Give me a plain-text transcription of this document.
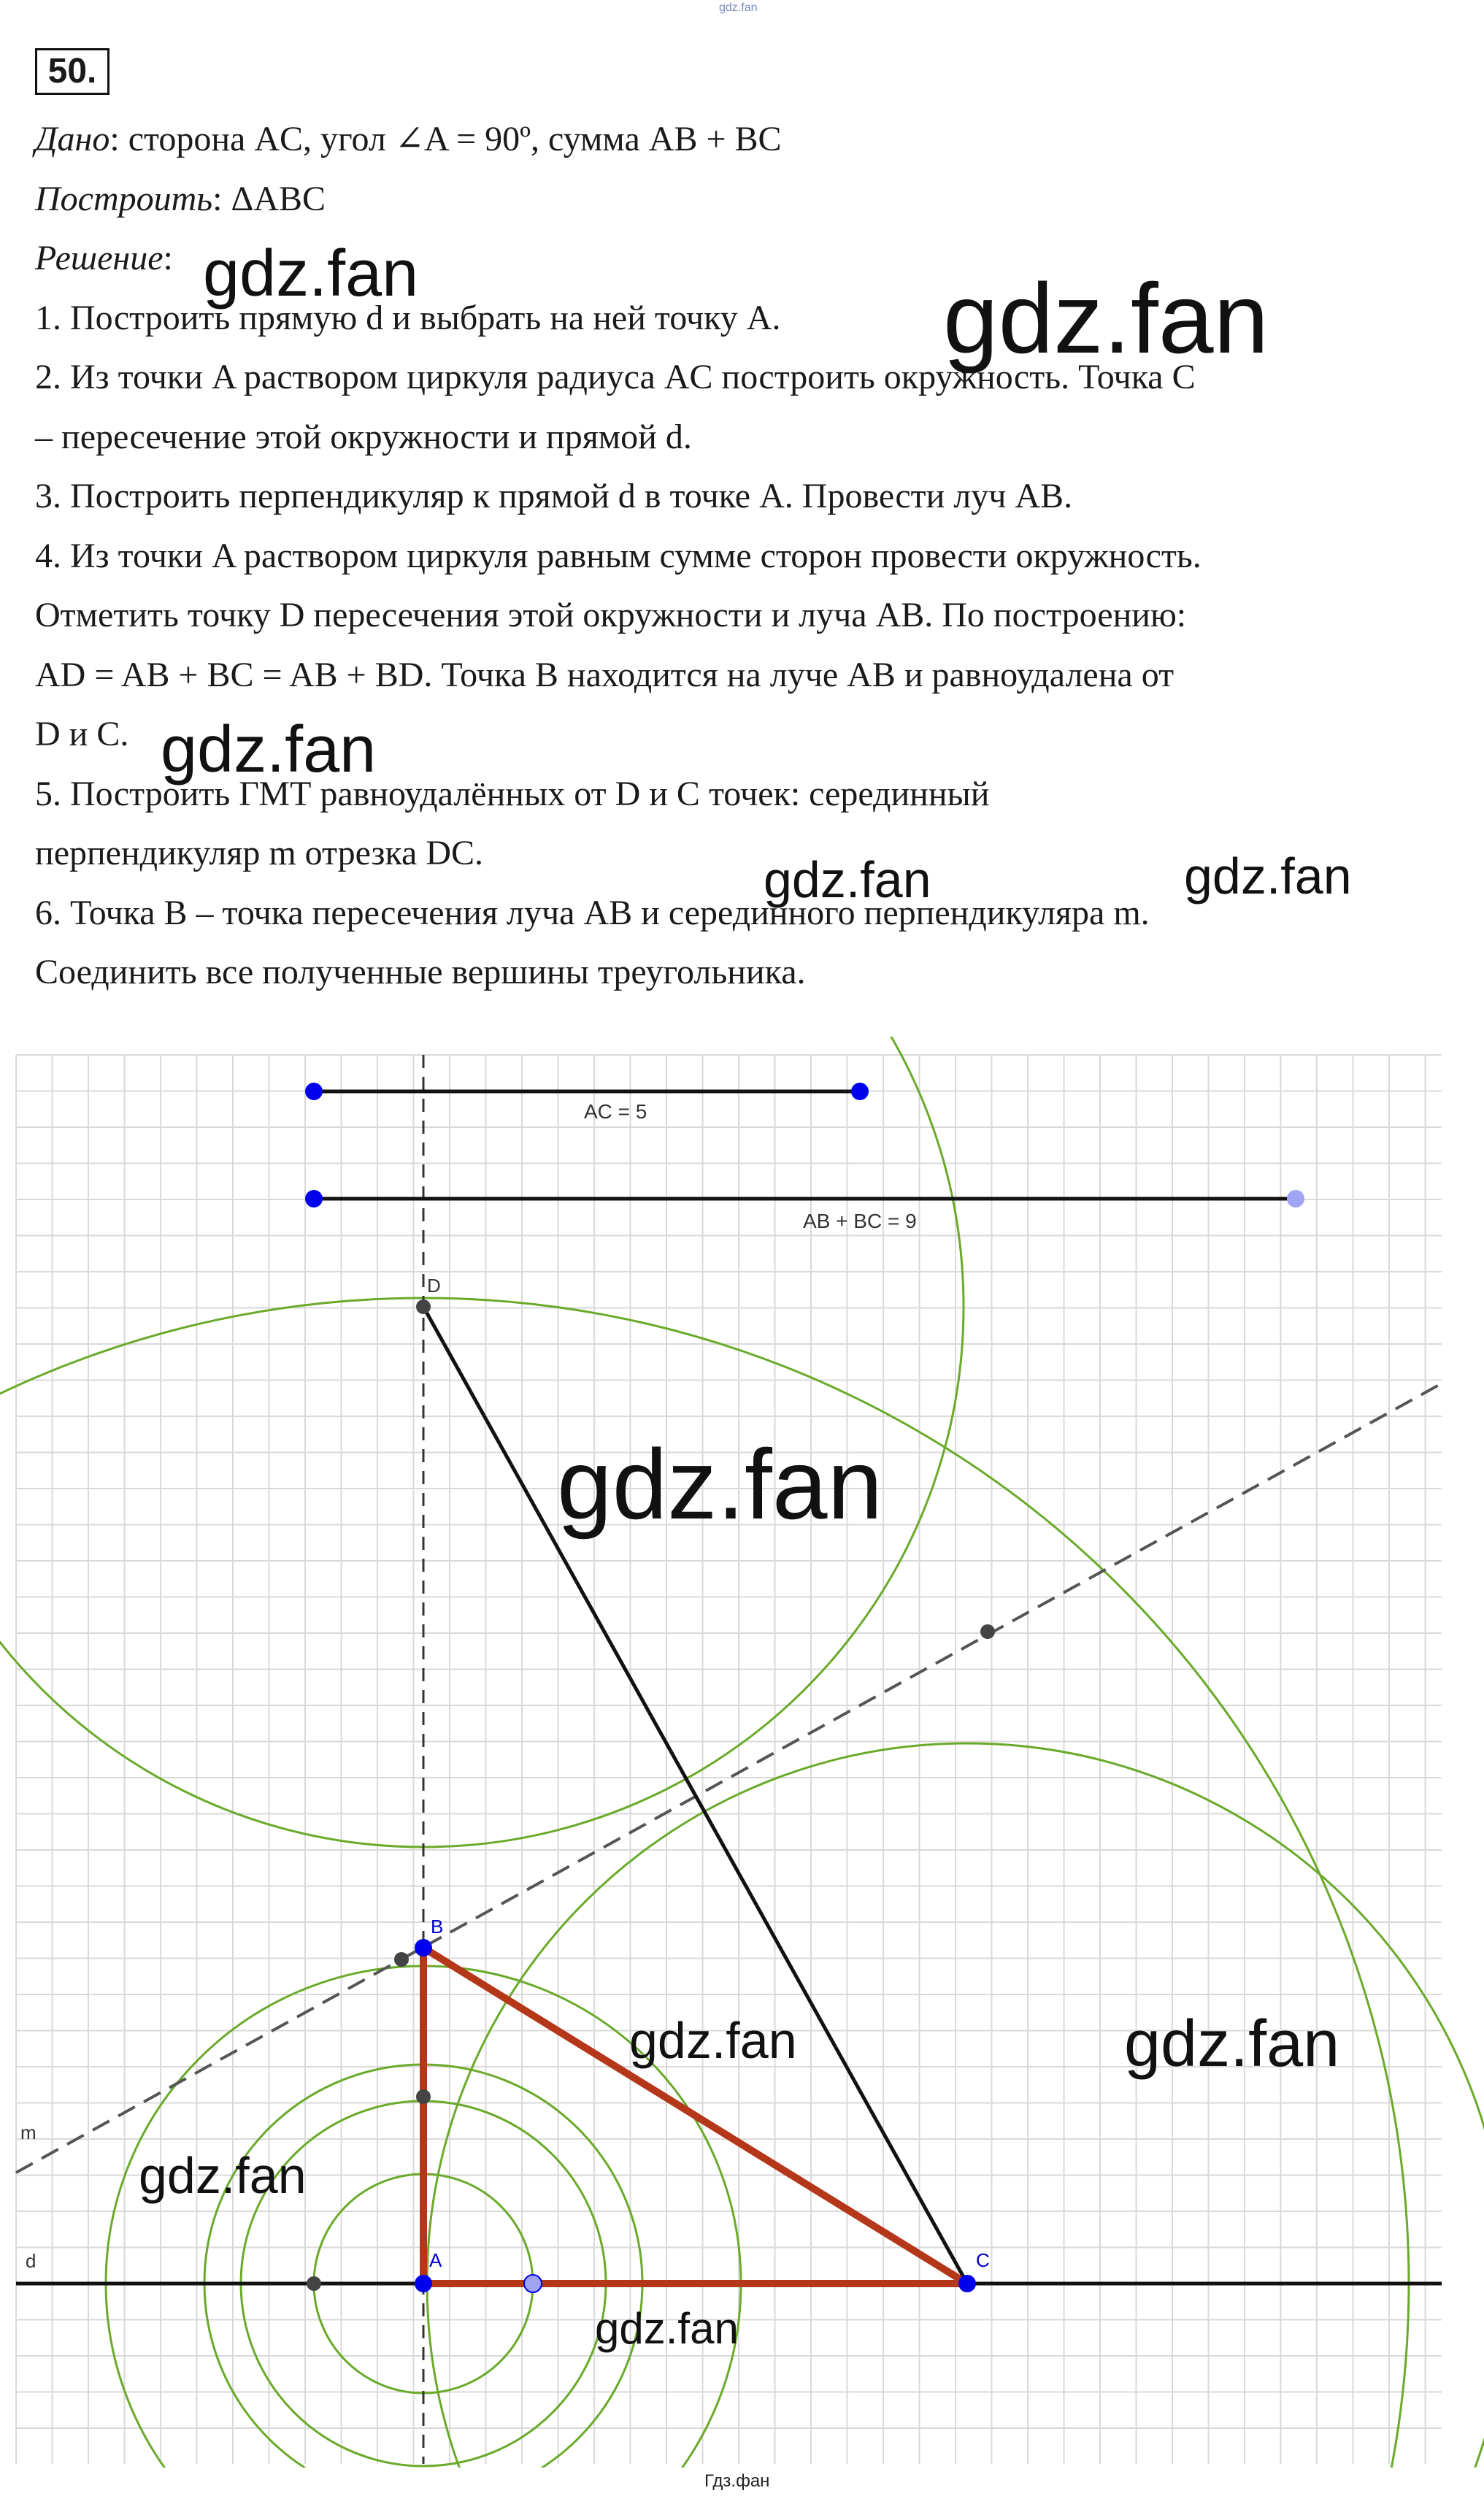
gdz.fan
50.

Дано: сторона AC, угол ∠A = 90º, сумма AB + BC

Построить: ΔABC

Решение:

1. Построить прямую d и выбрать на ней точку A.

2. Из точки A раствором циркуля радиуса AC построить окружность. Точка C

– пересечение этой окружности и прямой d.

3. Построить перпендикуляр к прямой d в точке A. Провести луч AB.

4. Из точки A раствором циркуля равным сумме сторон провести окружность.

Отметить точку D пересечения этой окружности и луча AB. По построению:

AD = AB + BC = AB + BD. Точка B находится на луче AB и равноудалена от

D и C.

5. Построить ГМТ равноудалённых от D и C точек: серединный

перпендикуляр m отрезка DC.

6. Точка B – точка пересечения луча AB и серединного перпендикуляра m.

Соединить все полученные вершины треугольника.

AC = 5
AB + BC = 9
D
B
A	C
d
m
gdz.fan	gdz.fan
gdz.fan
gdz.fan	gdz.fan
gdz.fan
gdz.fan	gdz.fan
gdz.fan
gdz.fan
Гдз.фан
